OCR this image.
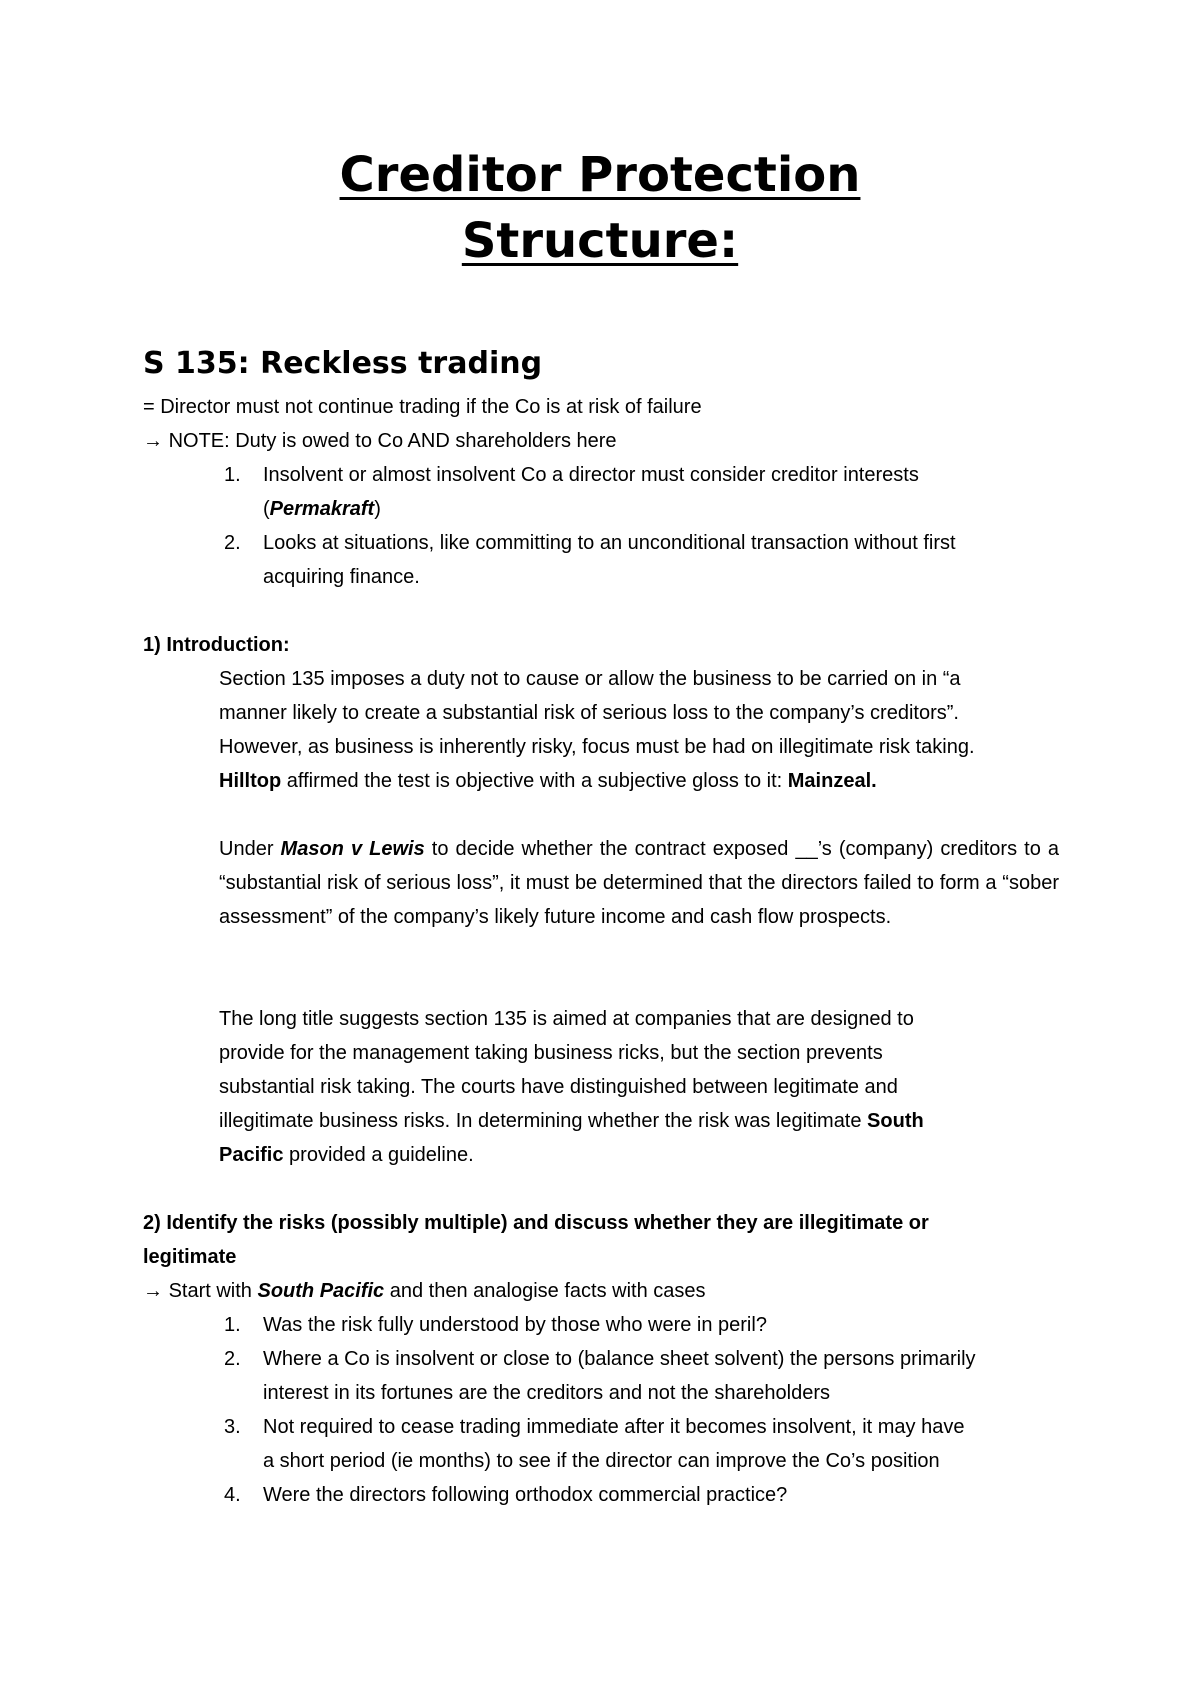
Creditor Protection
Structure:
S 135: Reckless trading
= Director must not continue trading if the Co is at risk of failure
→ NOTE: Duty is owed to Co AND shareholders here
1. Insolvent or almost insolvent Co a director must consider creditor interests
(Permakraft)
2. Looks at situations, like committing to an unconditional transaction without first
acquiring finance.
1) Introduction:
Section 135 imposes a duty not to cause or allow the business to be carried on in “a
manner likely to create a substantial risk of serious loss to the company’s creditors”.
However, as business is inherently risky, focus must be had on illegitimate risk taking.
Hilltop affirmed the test is objective with a subjective gloss to it: Mainzeal.

Under Mason v Lewis to decide whether the contract exposed __’s (company) creditors to a “substantial risk of serious loss”, it must be determined that the directors failed to form a “sober assessment” of the company’s likely future income and cash flow prospects.

The long title suggests section 135 is aimed at companies that are designed to
provide for the management taking business ricks, but the section prevents
substantial risk taking. The courts have distinguished between legitimate and
illegitimate business risks. In determining whether the risk was legitimate South
Pacific provided a guideline.
2) Identify the risks (possibly multiple) and discuss whether they are illegitimate or
legitimate
→ Start with South Pacific and then analogise facts with cases
1. Was the risk fully understood by those who were in peril?
2. Where a Co is insolvent or close to (balance sheet solvent) the persons primarily
interest in its fortunes are the creditors and not the shareholders
3. Not required to cease trading immediate after it becomes insolvent, it may have
a short period (ie months) to see if the director can improve the Co’s position
4. Were the directors following orthodox commercial practice?
